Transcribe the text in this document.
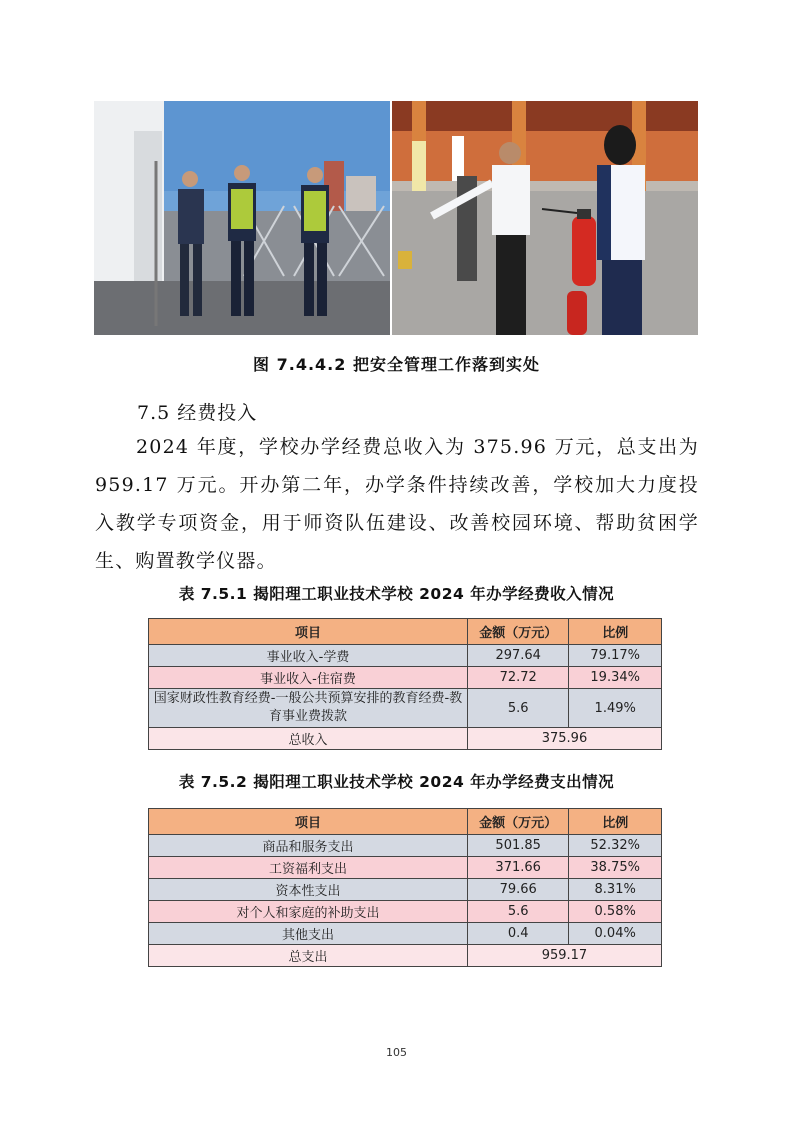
图 7.4.4.2 把安全管理工作落到实处
7.5 经费投入
2024 年度，学校办学经费总收入为 375.96 万元，总支出为 959.17 万元。开办第二年，办学条件持续改善，学校加大力度投入教学专项资金，用于师资队伍建设、改善校园环境、帮助贫困学生、购置教学仪器。
表 7.5.1 揭阳理工职业技术学校 2024 年办学经费收入情况
项目	金额（万元）	比例
事业收入-学费	297.64	79.17%
事业收入-住宿费	72.72	19.34%
国家财政性教育经费-一般公共预算安排的教育经费-教育事业费拨款	5.6	1.49%
总收入	375.96	
表 7.5.2 揭阳理工职业技术学校 2024 年办学经费支出情况
项目	金额（万元）	比例
商品和服务支出	501.85	52.32%
工资福利支出	371.66	38.75%
资本性支出	79.66	8.31%
对个人和家庭的补助支出	5.6	0.58%
其他支出	0.4	0.04%
总支出	959.17	
105
